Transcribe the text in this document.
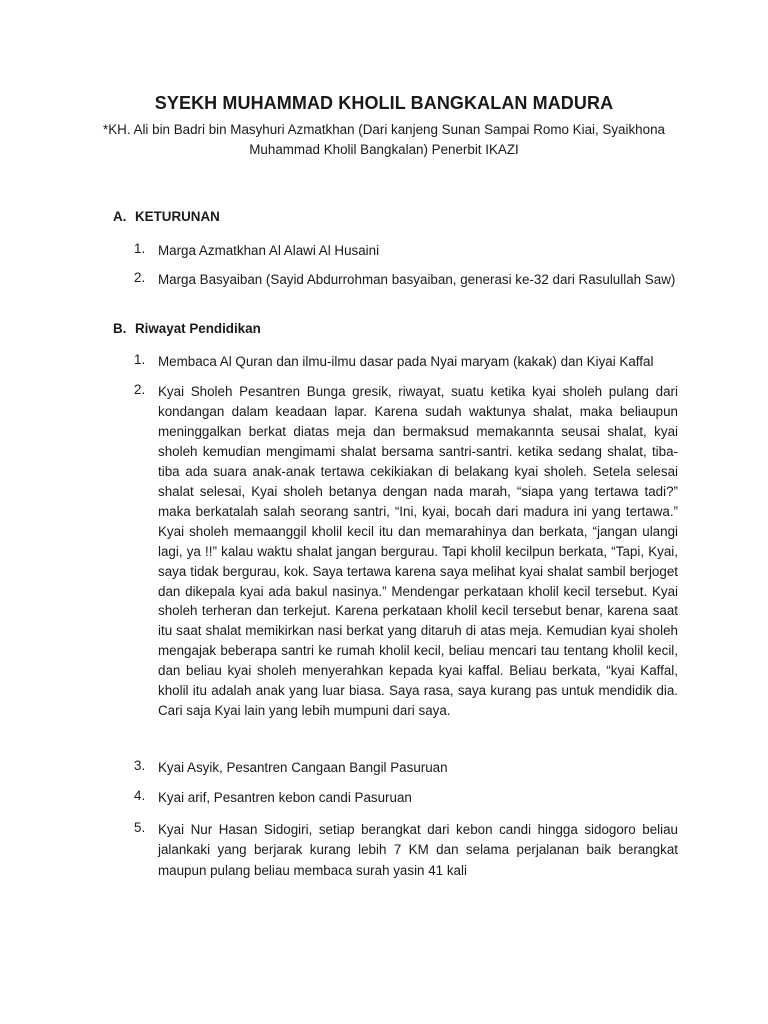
SYEKH MUHAMMAD KHOLIL BANGKALAN MADURA
*KH. Ali bin Badri bin Masyhuri Azmatkhan (Dari kanjeng Sunan Sampai Romo Kiai, Syaikhona Muhammad Kholil Bangkalan) Penerbit IKAZI
A. KETURUNAN
1. Marga Azmatkhan Al Alawi Al Husaini
2. Marga Basyaiban (Sayid Abdurrohman basyaiban, generasi ke-32 dari Rasulullah Saw)
B. Riwayat Pendidikan
1. Membaca Al Quran dan ilmu-ilmu dasar pada Nyai maryam (kakak) dan Kiyai Kaffal
2. Kyai Sholeh Pesantren Bunga gresik, riwayat, suatu ketika kyai sholeh pulang dari kondangan dalam keadaan lapar. Karena sudah waktunya shalat, maka beliaupun meninggalkan berkat diatas meja dan bermaksud memakannta seusai shalat, kyai sholeh kemudian mengimami shalat bersama santri-santri. ketika sedang shalat, tiba-tiba ada suara anak-anak tertawa cekikiakan di belakang kyai sholeh. Setela selesai shalat selesai, Kyai sholeh betanya dengan nada marah, “siapa yang tertawa tadi?” maka berkatalah salah seorang santri, “Ini, kyai, bocah dari madura ini yang tertawa.” Kyai sholeh memaanggil kholil kecil itu dan memarahinya dan berkata, “jangan ulangi lagi, ya !!” kalau waktu shalat jangan bergurau. Tapi kholil kecilpun berkata, “Tapi, Kyai, saya tidak bergurau, kok. Saya tertawa karena saya melihat kyai shalat sambil berjoget dan dikepala kyai ada bakul nasinya.” Mendengar perkataan kholil kecil tersebut. Kyai sholeh terheran dan terkejut. Karena perkataan kholil kecil tersebut benar, karena saat itu saat shalat memikirkan nasi berkat yang ditaruh di atas meja. Kemudian kyai sholeh mengajak beberapa santri ke rumah kholil kecil, beliau mencari tau tentang kholil kecil, dan beliau kyai sholeh menyerahkan kepada kyai kaffal. Beliau berkata, “kyai Kaffal, kholil itu adalah anak yang luar biasa. Saya rasa, saya kurang pas untuk mendidik dia. Cari saja Kyai lain yang lebih mumpuni dari saya.
3. Kyai Asyik, Pesantren Cangaan Bangil Pasuruan
4. Kyai arif, Pesantren kebon candi Pasuruan
5. Kyai Nur Hasan Sidogiri, setiap berangkat dari kebon candi hingga sidogoro beliau jalankaki yang berjarak kurang lebih 7 KM dan selama perjalanan baik berangkat maupun pulang beliau membaca surah yasin 41 kali
